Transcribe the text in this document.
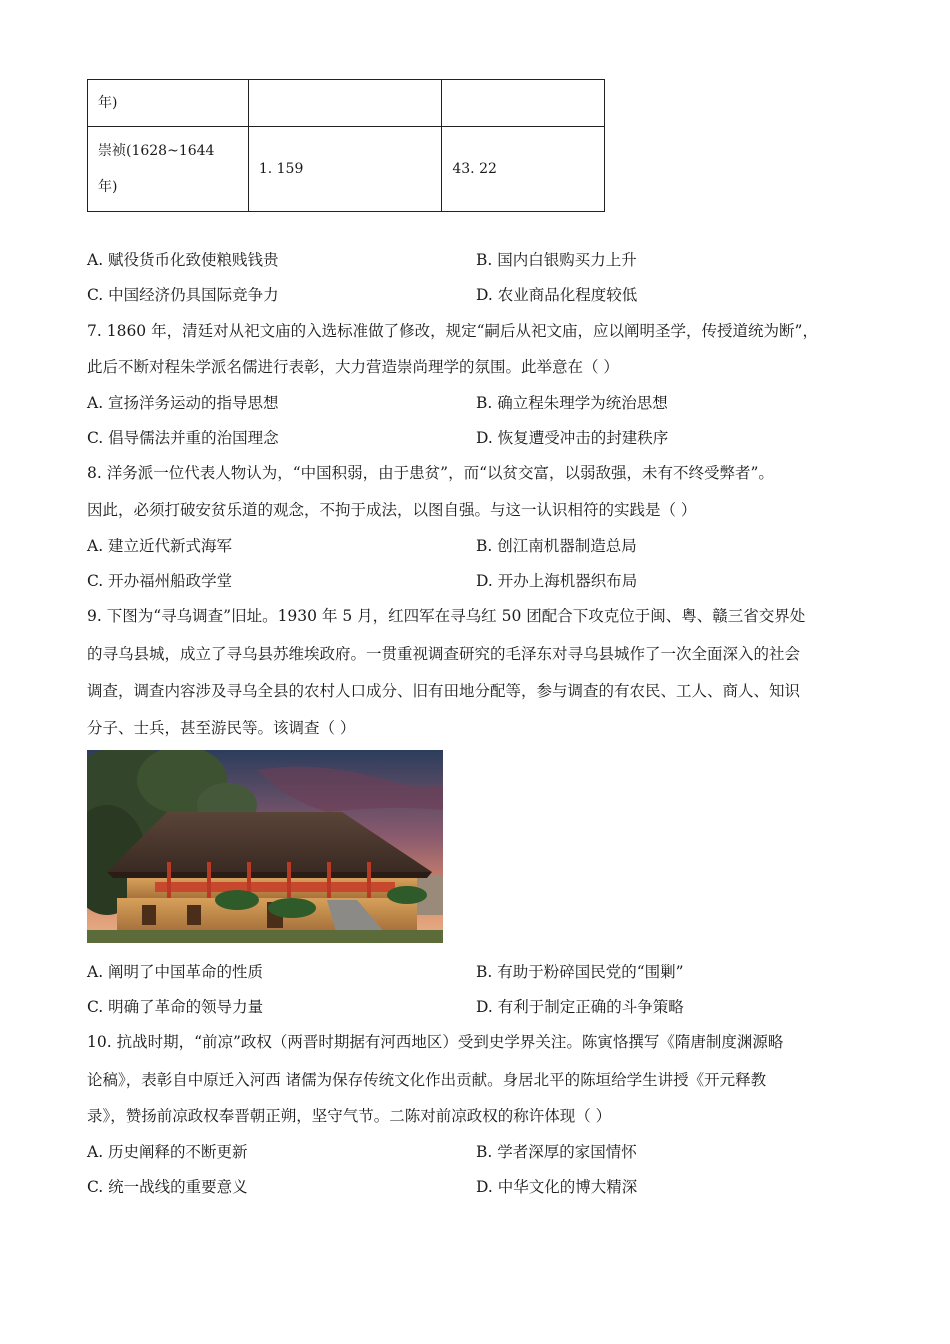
年)		

崇祯(1628~1644
年)	1. 159	43. 22
A. 赋役货币化致使粮贱钱贵	B. 国内白银购买力上升
C. 中国经济仍具国际竞争力	D. 农业商品化程度较低
7. 1860 年，清廷对从祀文庙的入选标准做了修改，规定“嗣后从祀文庙，应以阐明圣学，传授道统为断”，
此后不断对程朱学派名儒进行表彰，大力营造崇尚理学的氛围。此举意在（ ）
A. 宣扬洋务运动的指导思想	B. 确立程朱理学为统治思想
C. 倡导儒法并重的治国理念	D. 恢复遭受冲击的封建秩序
8. 洋务派一位代表人物认为，“中国积弱，由于患贫”，而“以贫交富，以弱敌强，未有不终受弊者”。
因此，必须打破安贫乐道的观念，不拘于成法，以图自强。与这一认识相符的实践是（ ）
A. 建立近代新式海军	B. 创江南机器制造总局
C. 开办福州船政学堂	D. 开办上海机器织布局
9. 下图为“寻乌调查”旧址。1930 年 5 月，红四军在寻乌红 50 团配合下攻克位于闽、粤、赣三省交界处
的寻乌县城，成立了寻乌县苏维埃政府。一贯重视调查研究的毛泽东对寻乌县城作了一次全面深入的社会
调查，调查内容涉及寻乌全县的农村人口成分、旧有田地分配等，参与调查的有农民、工人、商人、知识
分子、士兵，甚至游民等。该调查（ ）
A. 阐明了中国革命的性质	B. 有助于粉碎国民党的“围剿”
C. 明确了革命的领导力量	D. 有利于制定正确的斗争策略
10. 抗战时期，“前凉”政权（两晋时期据有河西地区）受到史学界关注。陈寅恪撰写《隋唐制度渊源略
论稿》，表彰自中原迁入河西 诸儒为保存传统文化作出贡献。身居北平的陈垣给学生讲授《开元释教
录》，赞扬前凉政权奉晋朝正朔，坚守气节。二陈对前凉政权的称许体现（ ）
A. 历史阐释的不断更新	B. 学者深厚的家国情怀
C. 统一战线的重要意义	D. 中华文化的博大精深
